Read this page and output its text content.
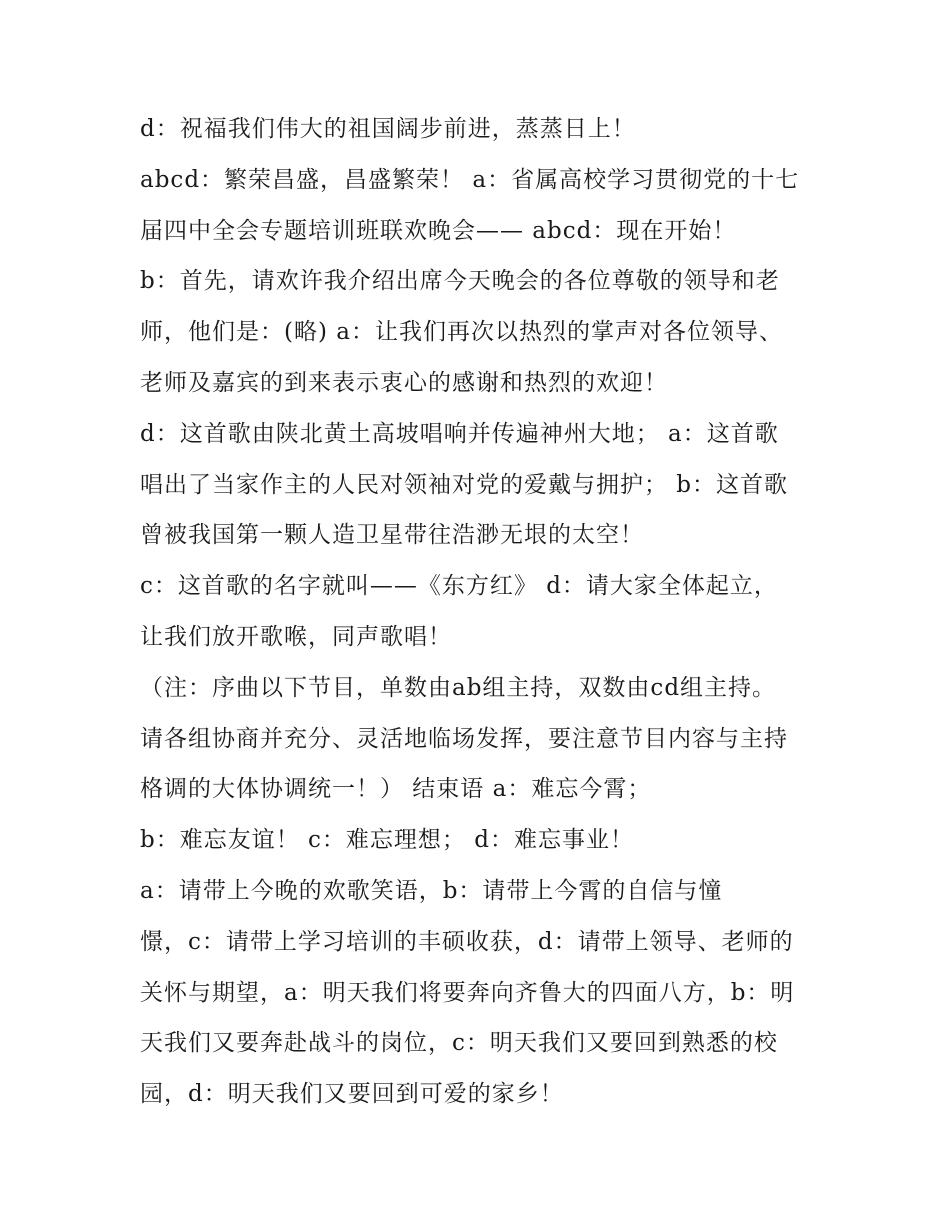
d：祝福我们伟大的祖国阔步前进，蒸蒸日上！
abcd：繁荣昌盛，昌盛繁荣！ a：省属高校学习贯彻党的十七
届四中全会专题培训班联欢晚会—— abcd：现在开始！
b：首先，请欢许我介绍出席今天晚会的各位尊敬的领导和老
师，他们是：(略) a：让我们再次以热烈的掌声对各位领导、
老师及嘉宾的到来表示衷心的感谢和热烈的欢迎！
d：这首歌由陕北黄土高坡唱响并传遍神州大地； a：这首歌
唱出了当家作主的人民对领袖对党的爱戴与拥护； b：这首歌
曾被我国第一颗人造卫星带往浩渺无垠的太空！
c：这首歌的名字就叫——《东方红》 d：请大家全体起立，
让我们放开歌喉，同声歌唱！
（注：序曲以下节目，单数由ab组主持，双数由cd组主持。
请各组协商并充分、灵活地临场发挥，要注意节目内容与主持
格调的大体协调统一！） 结束语 a：难忘今霄；
b：难忘友谊！ c：难忘理想； d：难忘事业！
a：请带上今晚的欢歌笑语，b：请带上今霄的自信与憧
憬，c：请带上学习培训的丰硕收获，d：请带上领导、老师的
关怀与期望，a：明天我们将要奔向齐鲁大的四面八方，b：明
天我们又要奔赴战斗的岗位，c：明天我们又要回到熟悉的校
园，d：明天我们又要回到可爱的家乡！
